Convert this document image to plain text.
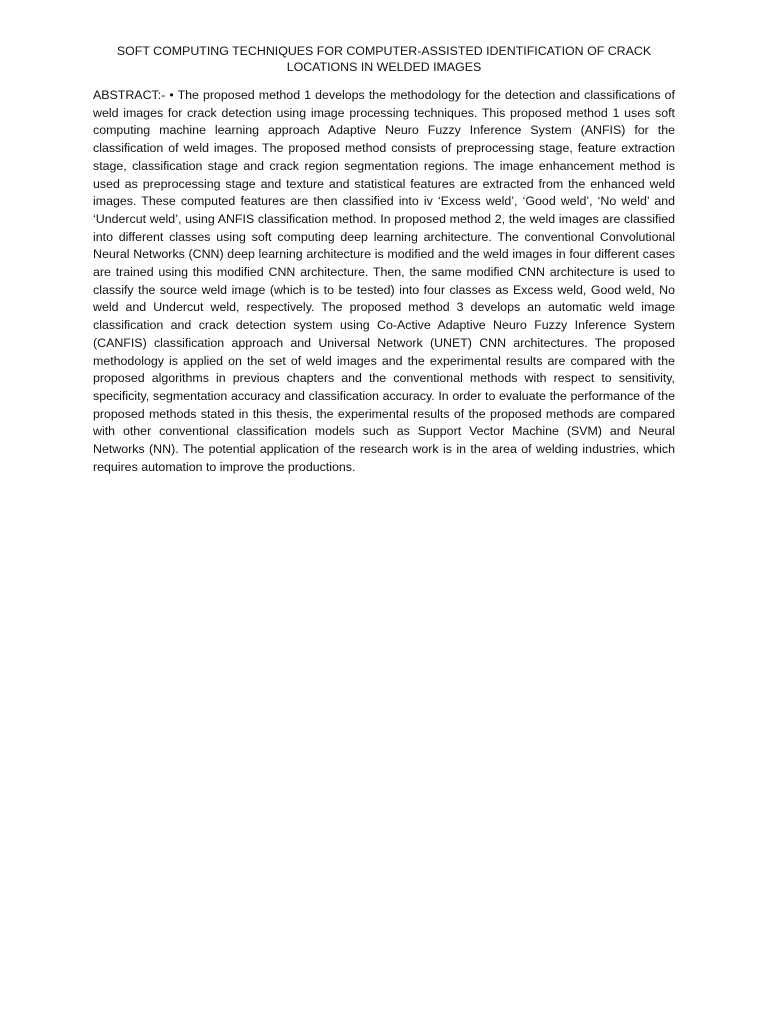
SOFT COMPUTING TECHNIQUES FOR COMPUTER-ASSISTED IDENTIFICATION OF CRACK LOCATIONS IN WELDED IMAGES

ABSTRACT:- • The proposed method 1 develops the methodology for the detection and classifications of weld images for crack detection using image processing techniques. This proposed method 1 uses soft computing machine learning approach Adaptive Neuro Fuzzy Inference System (ANFIS) for the classification of weld images. The proposed method consists of preprocessing stage, feature extraction stage, classification stage and crack region segmentation regions. The image enhancement method is used as preprocessing stage and texture and statistical features are extracted from the enhanced weld images. These computed features are then classified into iv ‘Excess weld’, ‘Good weld’, ‘No weld’ and ‘Undercut weld’, using ANFIS classification method. In proposed method 2, the weld images are classified into different classes using soft computing deep learning architecture. The conventional Convolutional Neural Networks (CNN) deep learning architecture is modified and the weld images in four different cases are trained using this modified CNN architecture. Then, the same modified CNN architecture is used to classify the source weld image (which is to be tested) into four classes as Excess weld, Good weld, No weld and Undercut weld, respectively. The proposed method 3 develops an automatic weld image classification and crack detection system using Co-Active Adaptive Neuro Fuzzy Inference System (CANFIS) classification approach and Universal Network (UNET) CNN architectures. The proposed methodology is applied on the set of weld images and the experimental results are compared with the proposed algorithms in previous chapters and the conventional methods with respect to sensitivity, specificity, segmentation accuracy and classification accuracy. In order to evaluate the performance of the proposed methods stated in this thesis, the experimental results of the proposed methods are compared with other conventional classification models such as Support Vector Machine (SVM) and Neural Networks (NN). The potential application of the research work is in the area of welding industries, which requires automation to improve the productions.
